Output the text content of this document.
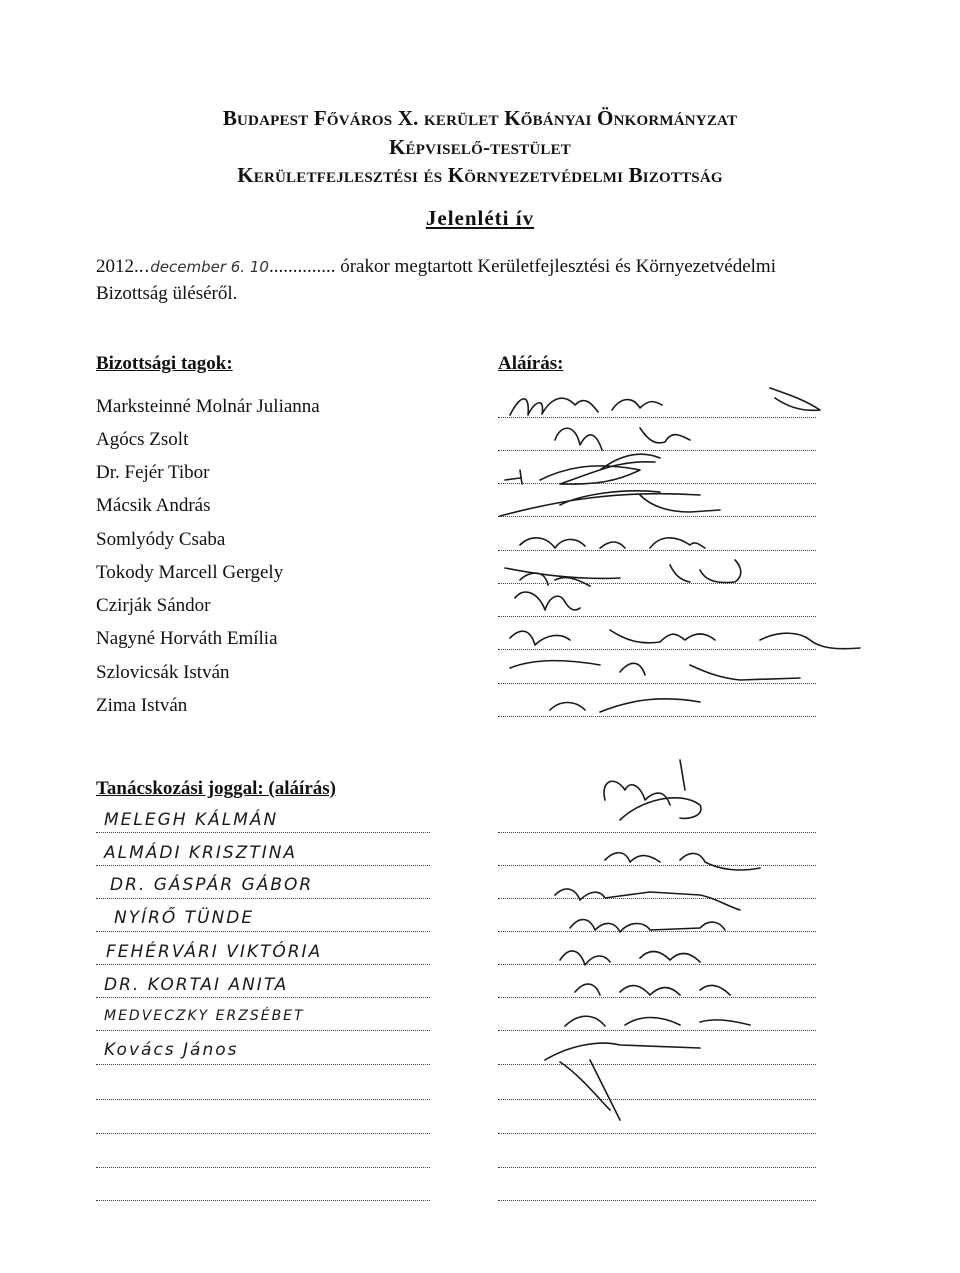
Budapest Főváros X. kerület Kőbányai Önkormányzat
Képviselő-testület
Kerületfejlesztési és Környezetvédelmi Bizottság
Jelenléti ív
2012...december 6. 10.............. órakor megtartott Kerületfejlesztési és Környezetvédelmi
Bizottság üléséről.
Bizottsági tagok:	Aláírás:
Marksteinné Molnár Julianna
Agócs Zsolt
Dr. Fejér Tibor
Mácsik András
Somlyódy Csaba
Tokody Marcell Gergely
Czirják Sándor
Nagyné Horváth Emília
Szlovicsák István
Zima István
Tanácskozási joggal: (aláírás)
MELEGH KÁLMÁN
ALMÁDI KRISZTINA
DR. GÁSPÁR GÁBOR
NYÍRŐ TÜNDE
FEHÉRVÁRI VIKTÓRIA
DR. KORTAI ANITA
MEDVECZKY ERZSÉBET
Kovács János
